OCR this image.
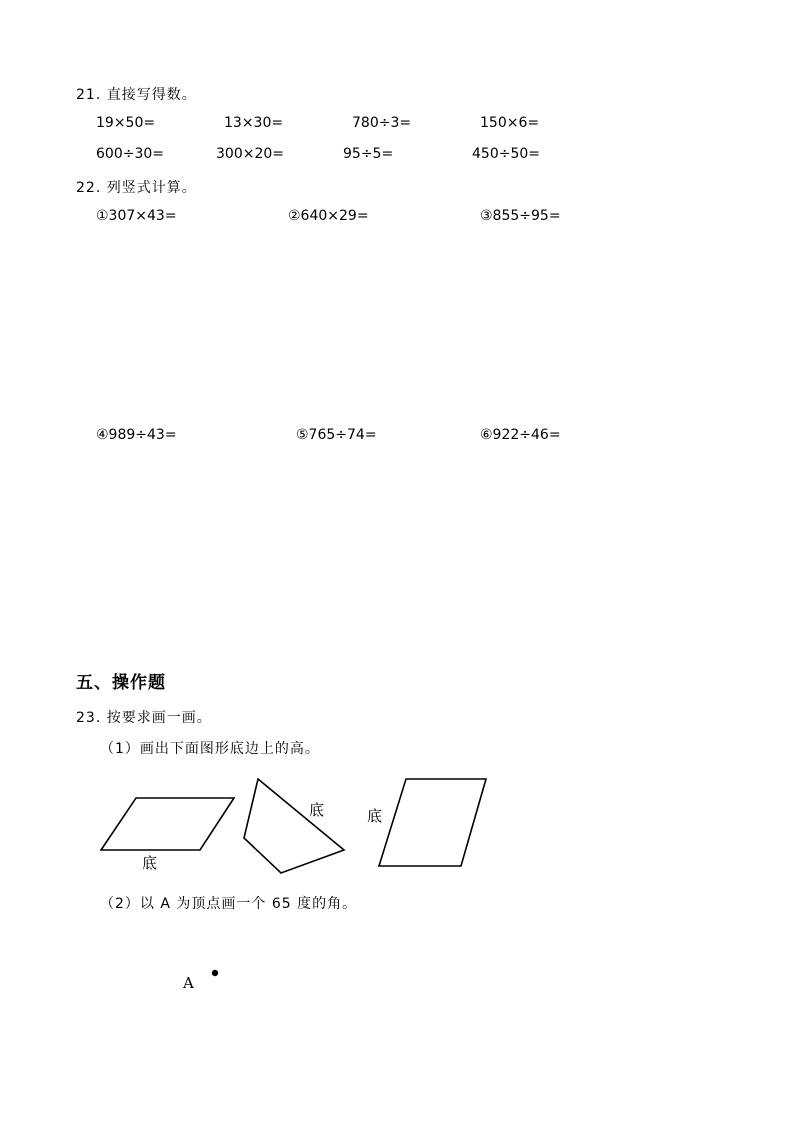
21. 直接写得数。
19×50=	13×30=	780÷3=	150×6=
600÷30=	300×20=	95÷5=	450÷50=
22. 列竖式计算。
①307×43=	②640×29=	③855÷95=
④989÷43=	⑤765÷74=	⑥922÷46=
五、操作题
23. 按要求画一画。
（1）画出下面图形底边上的高。
底
底	底
（2）以 A 为顶点画一个 65 度的角。
A
